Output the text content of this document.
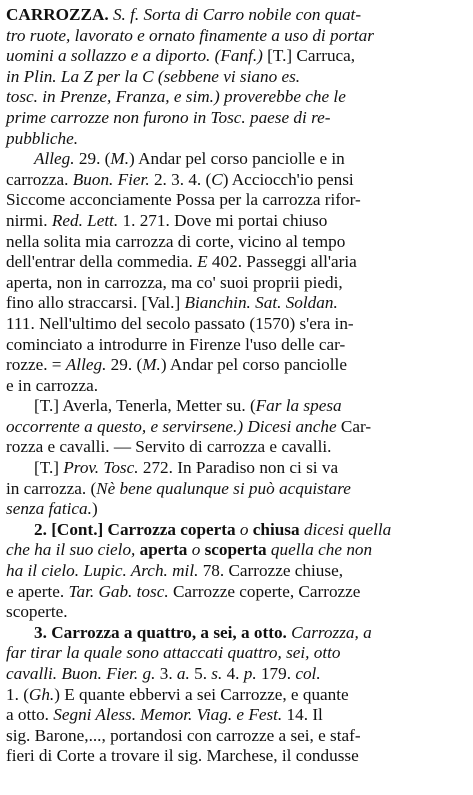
CARROZZA. S. f. Sorta di Carro nobile con quat-
tro ruote, lavorato e ornato finamente a uso di portar
uomini a sollazzo e a diporto. (Fanf.) [T.] Carruca,
in Plin. La Z per la C (sebbene vi siano es.
tosc. in Prenze, Franza, e sim.) proverebbe che le
prime carrozze non furono in Tosc. paese di re-
pubbliche.
Alleg. 29. (M.) Andar pel corso panciolle e in
carrozza. Buon. Fier. 2. 3. 4. (C) Acciocch'io pensi
Siccome acconciamente Possa per la carrozza rifor-
nirmi. Red. Lett. 1. 271. Dove mi portai chiuso
nella solita mia carrozza di corte, vicino al tempo
dell'entrar della commedia. E 402. Passeggi all'aria
aperta, non in carrozza, ma co' suoi proprii piedi,
fino allo straccarsi. [Val.] Bianchin. Sat. Soldan.
111. Nell'ultimo del secolo passato (1570) s'era in-
cominciato a introdurre in Firenze l'uso delle car-
rozze. = Alleg. 29. (M.) Andar pel corso panciolle
e in carrozza.
[T.] Averla, Tenerla, Metter su. (Far la spesa
occorrente a questo, e servirsene.) Dicesi anche Car-
rozza e cavalli. — Servito di carrozza e cavalli.
[T.] Prov. Tosc. 272. In Paradiso non ci si va
in carrozza. (Nè bene qualunque si può acquistare
senza fatica.)
2. [Cont.] Carrozza coperta o chiusa dicesi quella
che ha il suo cielo, aperta o scoperta quella che non
ha il cielo. Lupic. Arch. mil. 78. Carrozze chiuse,
e aperte. Tar. Gab. tosc. Carrozze coperte, Carrozze
scoperte.
3. Carrozza a quattro, a sei, a otto. Carrozza, a
far tirar la quale sono attaccati quattro, sei, otto
cavalli. Buon. Fier. g. 3. a. 5. s. 4. p. 179. col.
1. (Gh.) E quante ebbervi a sei Carrozze, e quante
a otto. Segni Aless. Memor. Viag. e Fest. 14. Il
sig. Barone,..., portandosi con carrozze a sei, e staf-
fieri di Corte a trovare il sig. Marchese, il condusse
